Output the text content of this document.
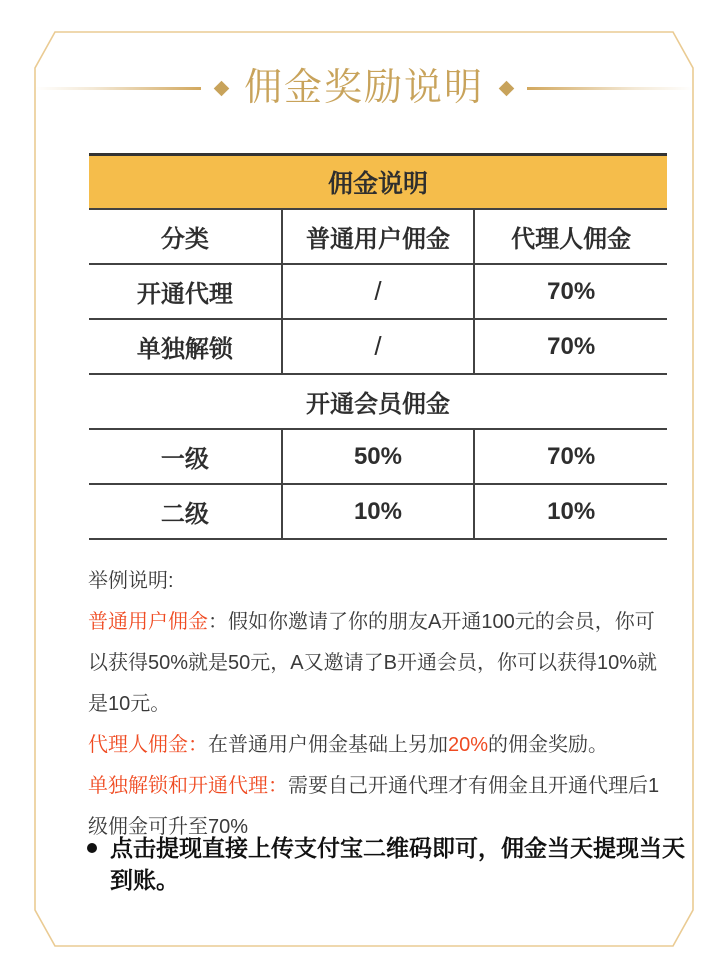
佣金奖励说明
佣金说明		
分类	普通用户佣金	代理人佣金
开通代理	/	70%
单独解锁	/	70%
开通会员佣金		
一级	50%	70%
二级	10%	10%

举例说明:

普通用户佣金：假如你邀请了你的朋友A开通100元的会员，你可以获得50%就是50元，A又邀请了B开通会员，你可以获得10%就是10元。

代理人佣金：在普通用户佣金基础上另加20%的佣金奖励。

单独解锁和开通代理：需要自己开通代理才有佣金且开通代理后1级佣金可升至70%

点击提现直接上传支付宝二维码即可，佣金当天提现当天到账。
